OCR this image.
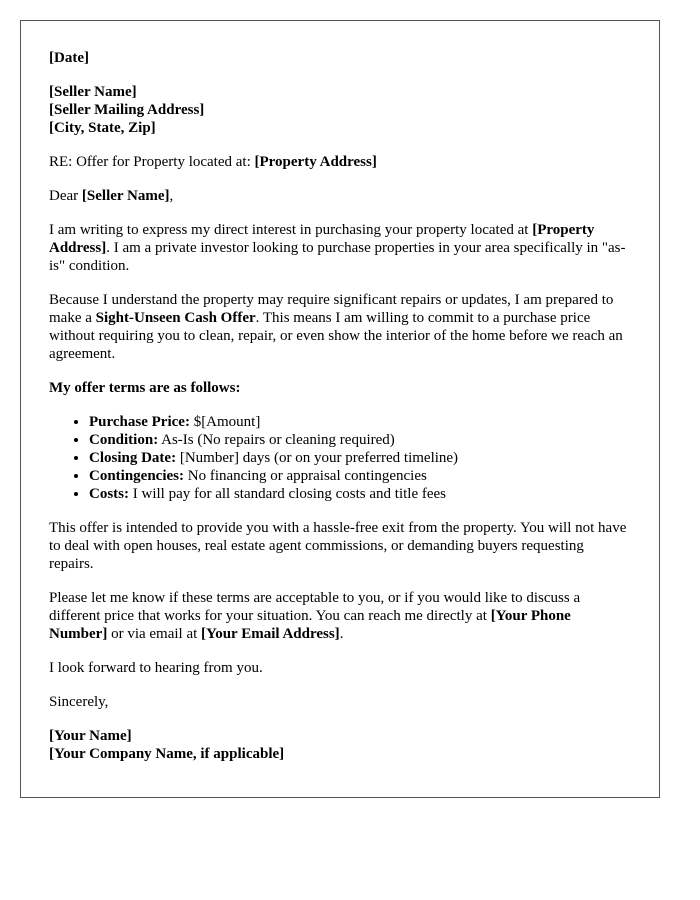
[Date]

[Seller Name]
[Seller Mailing Address]
[City, State, Zip]

RE: Offer for Property located at: [Property Address]

Dear [Seller Name],

I am writing to express my direct interest in purchasing your property located at [Property Address]. I am a private investor looking to purchase properties in your area specifically in "as-is" condition.

Because I understand the property may require significant repairs or updates, I am prepared to make a Sight-Unseen Cash Offer. This means I am willing to commit to a purchase price without requiring you to clean, repair, or even show the interior of the home before we reach an agreement.

My offer terms are as follows:

• Purchase Price: $[Amount]
• Condition: As-Is (No repairs or cleaning required)
• Closing Date: [Number] days (or on your preferred timeline)
• Contingencies: No financing or appraisal contingencies
• Costs: I will pay for all standard closing costs and title fees

This offer is intended to provide you with a hassle-free exit from the property. You will not have to deal with open houses, real estate agent commissions, or demanding buyers requesting repairs.

Please let me know if these terms are acceptable to you, or if you would like to discuss a different price that works for your situation. You can reach me directly at [Your Phone Number] or via email at [Your Email Address].

I look forward to hearing from you.

Sincerely,

[Your Name]
[Your Company Name, if applicable]
